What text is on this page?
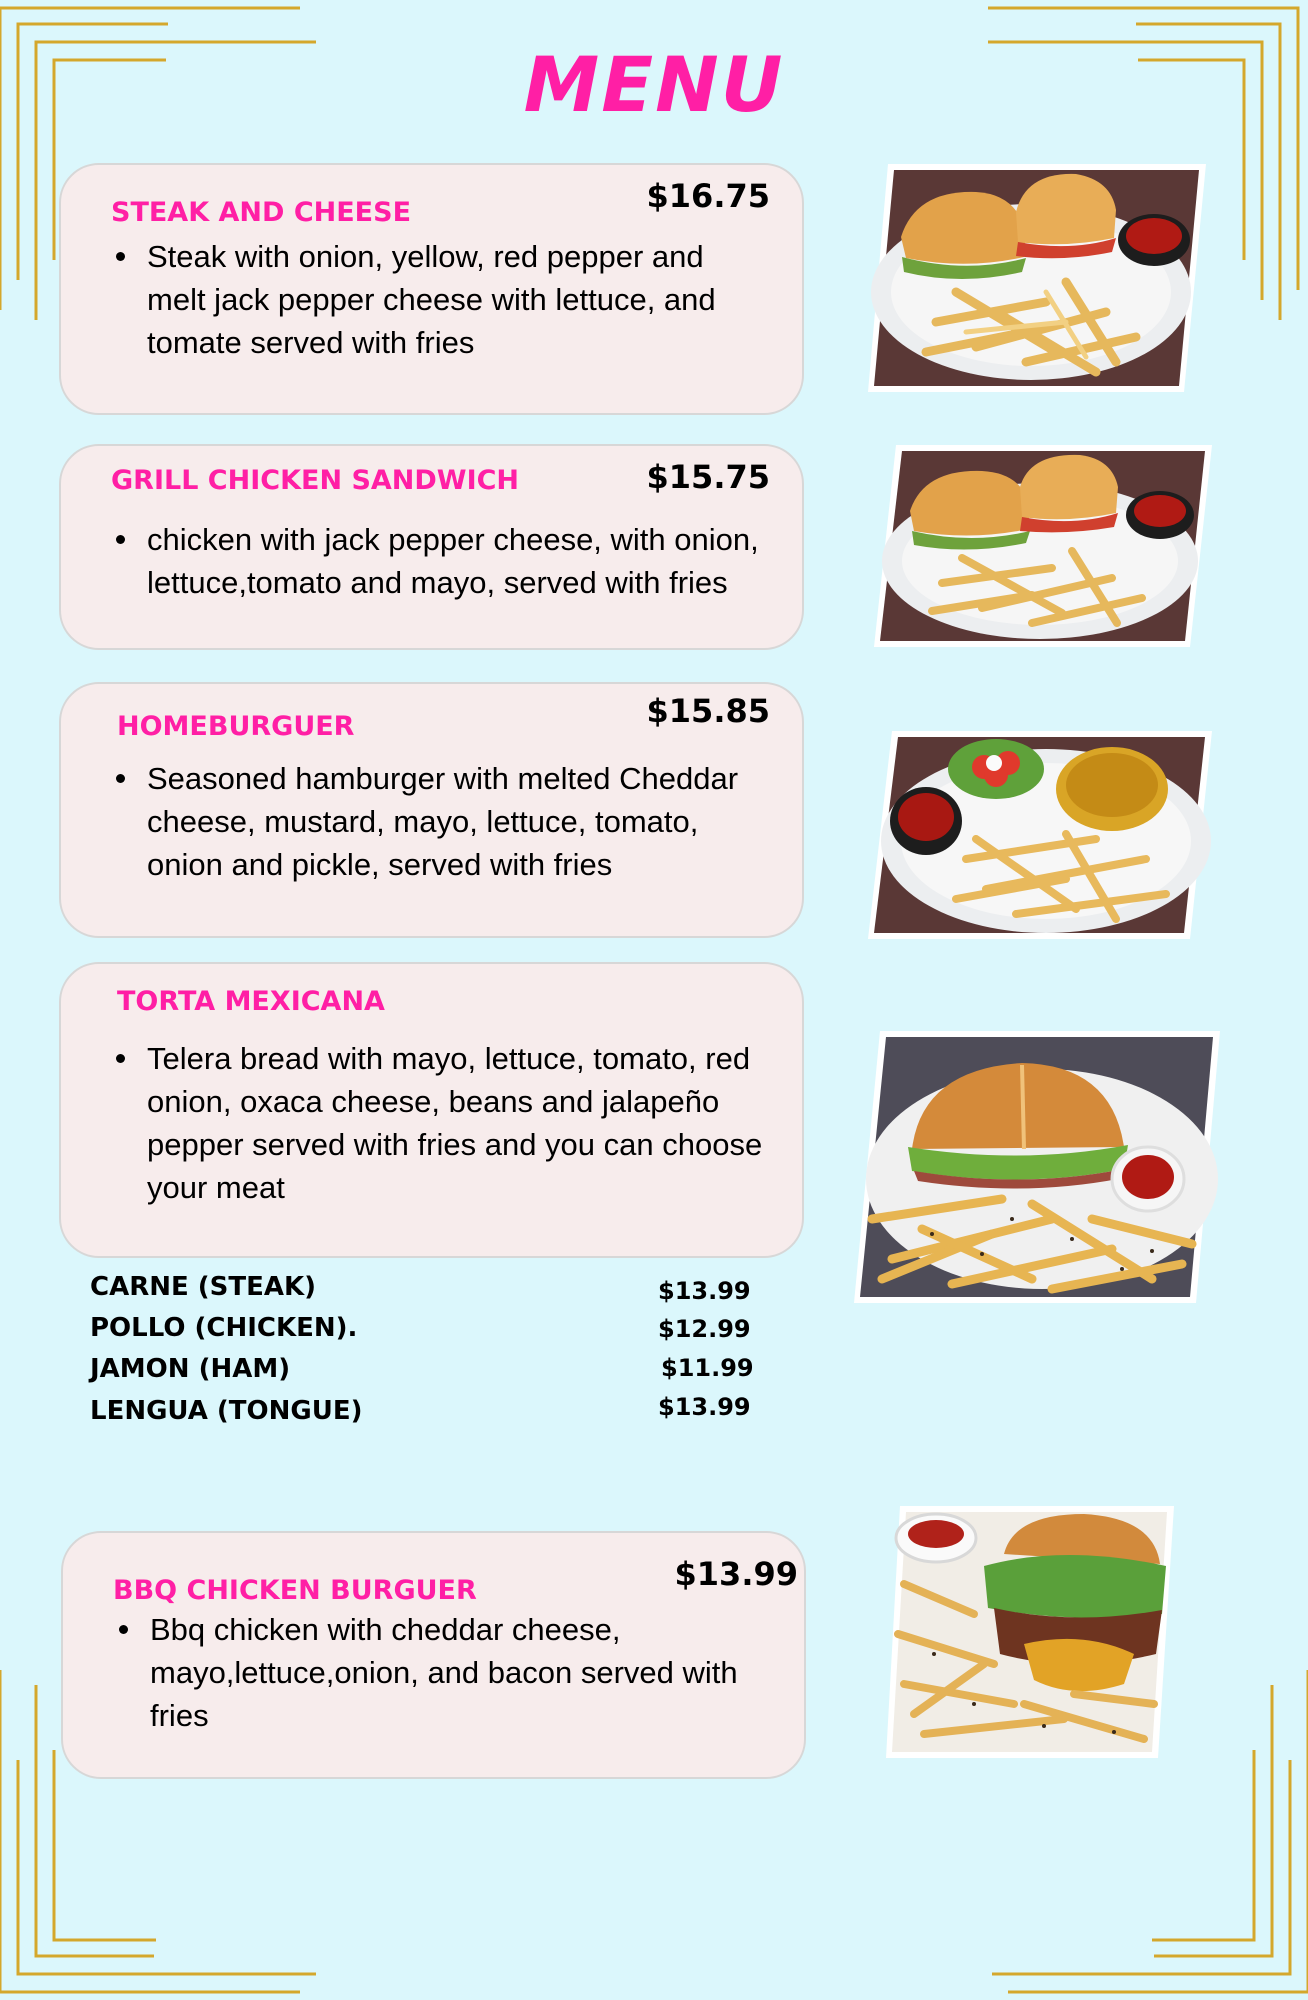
MENU
STEAK AND CHEESE	$16.75
Steak with onion, yellow, red pepper and melt jack pepper cheese with lettuce, and tomate served with fries
GRILL CHICKEN SANDWICH	$15.75
chicken with jack pepper cheese, with onion, lettuce,tomato and mayo, served with fries
HOMEBURGUER	$15.85
Seasoned hamburger with melted Cheddar cheese, mustard, mayo, lettuce, tomato, onion and pickle, served with fries
TORTA MEXICANA
Telera bread with mayo, lettuce, tomato, red onion, oxaca cheese, beans and jalapeño pepper served with fries and you can choose your meat
CARNE (STEAK)	$13.99
POLLO (CHICKEN).	$12.99
JAMON (HAM)	$11.99
LENGUA (TONGUE)	$13.99
BBQ CHICKEN BURGUER	$13.99
Bbq chicken with cheddar cheese, mayo,lettuce,onion, and bacon served with fries
